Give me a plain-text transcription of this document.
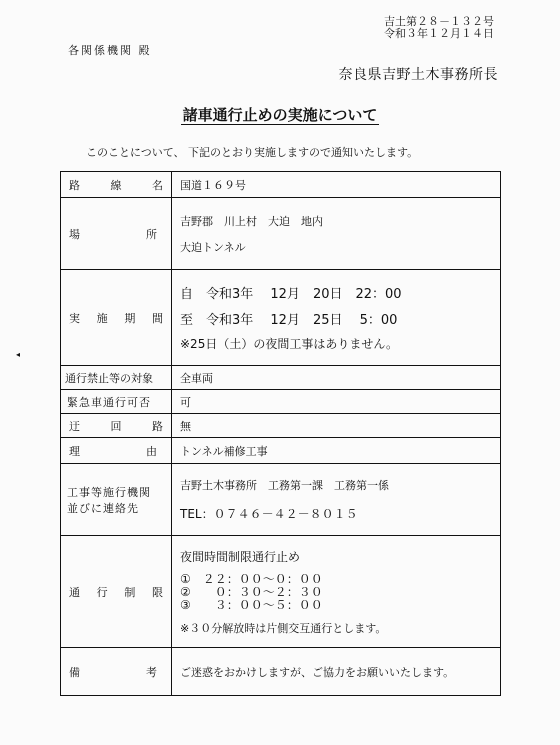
吉土第２８－１３２号
令和３年１２月１４日
各関係機関 殿
奈良県吉野土木事務所長
諸車通行止めの実施について
このことについて、 下記のとおり実施しますので通知いたします。
◂
路 線 名	国道１６９号

場 所	吉野郡　川上村　大迫　地内
大迫トンネル

実 施 期 間	自　令和3年　 12月　20日　22：00
至　令和3年　 12月　25日　 5：00
※25日（土）の夜間工事はありません。

通行禁止等の対象	全車両

緊急車通行可否	可

迂 回 路	無

理 由	トンネル補修工事

工事等施行機関
並びに連絡先	吉野土木事務所　工務第一課　工務第一係
TEL：０７４６－４２－８０１５

通 行 制 限	夜間時間制限通行止め
①　２２：００～０：００
②　　０：３０～２：３０
③　　３：００～５：００
※３０分解放時は片側交互通行とします。

備 考	ご迷惑をおかけしますが、ご協力をお願いいたします。
